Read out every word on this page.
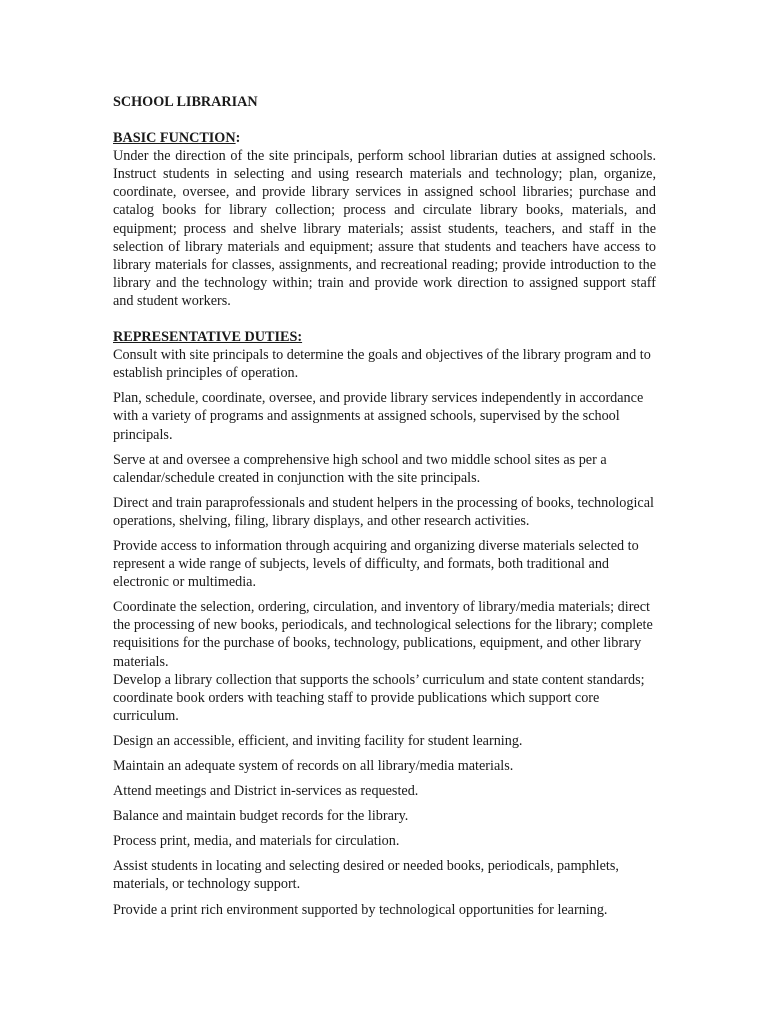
SCHOOL LIBRARIAN

BASIC FUNCTION:

Under the direction of the site principals, perform school librarian duties at assigned schools. Instruct students in selecting and using research materials and technology; plan, organize, coordinate, oversee, and provide library services in assigned school libraries; purchase and catalog books for library collection; process and circulate library books, materials, and equipment; process and shelve library materials; assist students, teachers, and staff in the selection of library materials and equipment; assure that students and teachers have access to library materials for classes, assignments, and recreational reading; provide introduction to the library and the technology within; train and provide work direction to assigned support staff and student workers.

REPRESENTATIVE DUTIES:

Consult with site principals to determine the goals and objectives of the library program and to establish principles of operation.

Plan, schedule, coordinate, oversee, and provide library services independently in accordance with a variety of programs and assignments at assigned schools, supervised by the school principals.

Serve at and oversee a comprehensive high school and two middle school sites as per a calendar/schedule created in conjunction with the site principals.

Direct and train paraprofessionals and student helpers in the processing of books, technological operations, shelving, filing, library displays, and other research activities.

Provide access to information through acquiring and organizing diverse materials selected to represent a wide range of subjects, levels of difficulty, and formats, both traditional and electronic or multimedia.

Coordinate the selection, ordering, circulation, and inventory of library/media materials; direct the processing of new books, periodicals, and technological selections for the library; complete requisitions for the purchase of books, technology, publications, equipment, and other library materials.

Develop a library collection that supports the schools’ curriculum and state content standards; coordinate book orders with teaching staff to provide publications which support core curriculum.

Design an accessible, efficient, and inviting facility for student learning.

Maintain an adequate system of records on all library/media materials.

Attend meetings and District in-services as requested.

Balance and maintain budget records for the library.

Process print, media, and materials for circulation.

Assist students in locating and selecting desired or needed books, periodicals, pamphlets, materials, or technology support.

Provide a print rich environment supported by technological opportunities for learning.
